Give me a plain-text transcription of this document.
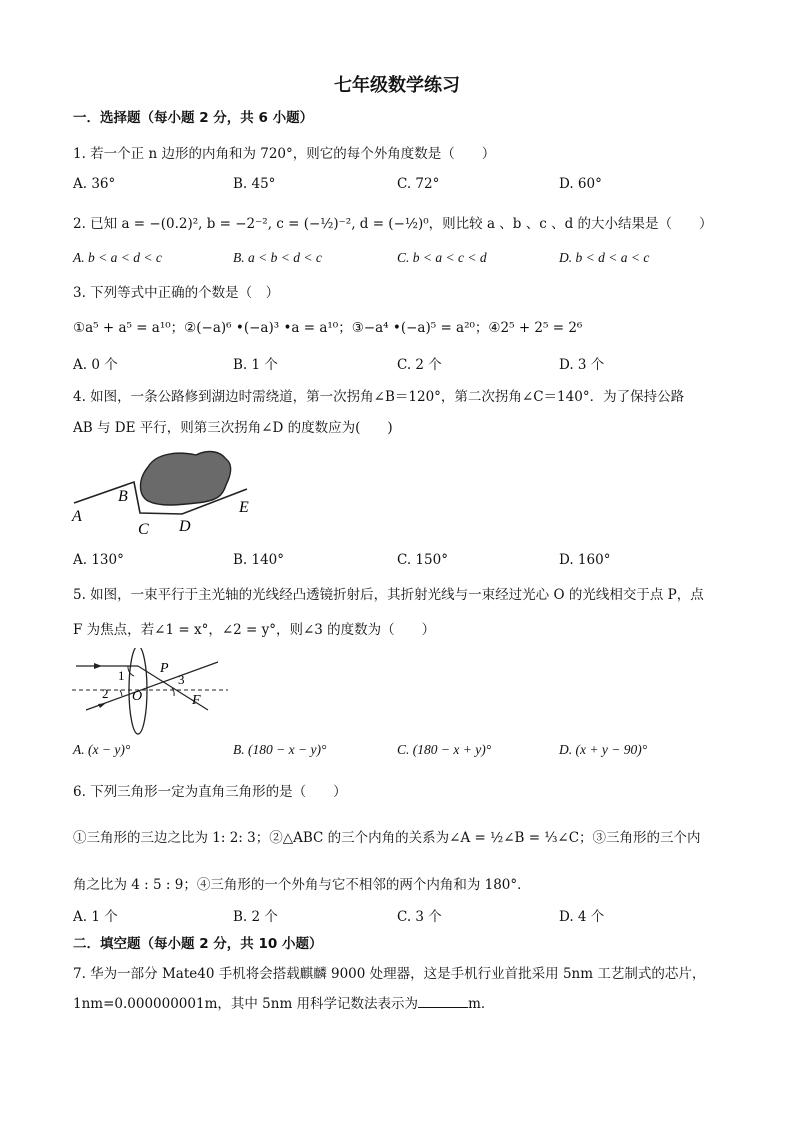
七年级数学练习
一．选择题（每小题 2 分，共 6 小题）
1. 若一个正 n 边形的内角和为 720°，则它的每个外角度数是（　　）
A. 36°	B. 45°	C. 72°	D. 60°
2. 已知 a = −(0.2)², b = −2⁻², c = (−½)⁻², d = (−½)⁰，则比较 a 、b 、c 、d 的大小结果是（　　）
A. b < a < d < c	B. a < b < d < c	C. b < a < c < d	D. b < d < a < c
3. 下列等式中正确的个数是（　）
①a⁵ + a⁵ = a¹⁰；②(−a)⁶ •(−a)³ •a = a¹⁰；③−a⁴ •(−a)⁵ = a²⁰；④2⁵ + 2⁵ = 2⁶
A. 0 个	B. 1 个	C. 2 个	D. 3 个
4. 如图，一条公路修到湖边时需绕道，第一次拐角∠B＝120°，第二次拐角∠C＝140°．为了保持公路
AB 与 DE 平行，则第三次拐角∠D 的度数应为(　　)
A
B
C D
E
A. 130°	B. 140°	C. 150°	D. 160°
5. 如图，一束平行于主光轴的光线经凸透镜折射后，其折射光线与一束经过光心 O 的光线相交于点 P，点
F 为焦点，若∠1 = x°，∠2 = y°，则∠3 的度数为（　　）
1
2 O
P
3
F
A. (x − y)°	B. (180 − x − y)°	C. (180 − x + y)°	D. (x + y − 90)°
6. 下列三角形一定为直角三角形的是（　　）
①三角形的三边之比为 1: 2: 3；②△ABC 的三个内角的关系为∠A = ½∠B = ⅓∠C；③三角形的三个内
角之比为 4 : 5 : 9；④三角形的一个外角与它不相邻的两个内角和为 180°．
A. 1 个	B. 2 个	C. 3 个	D. 4 个
二．填空题（每小题 2 分，共 10 小题）
7. 华为一部分 Mate40 手机将会搭载麒麟 9000 处理器，这是手机行业首批采用 5nm 工艺制式的芯片，
1nm=0.000000001m，其中 5nm 用科学记数法表示为	m．
